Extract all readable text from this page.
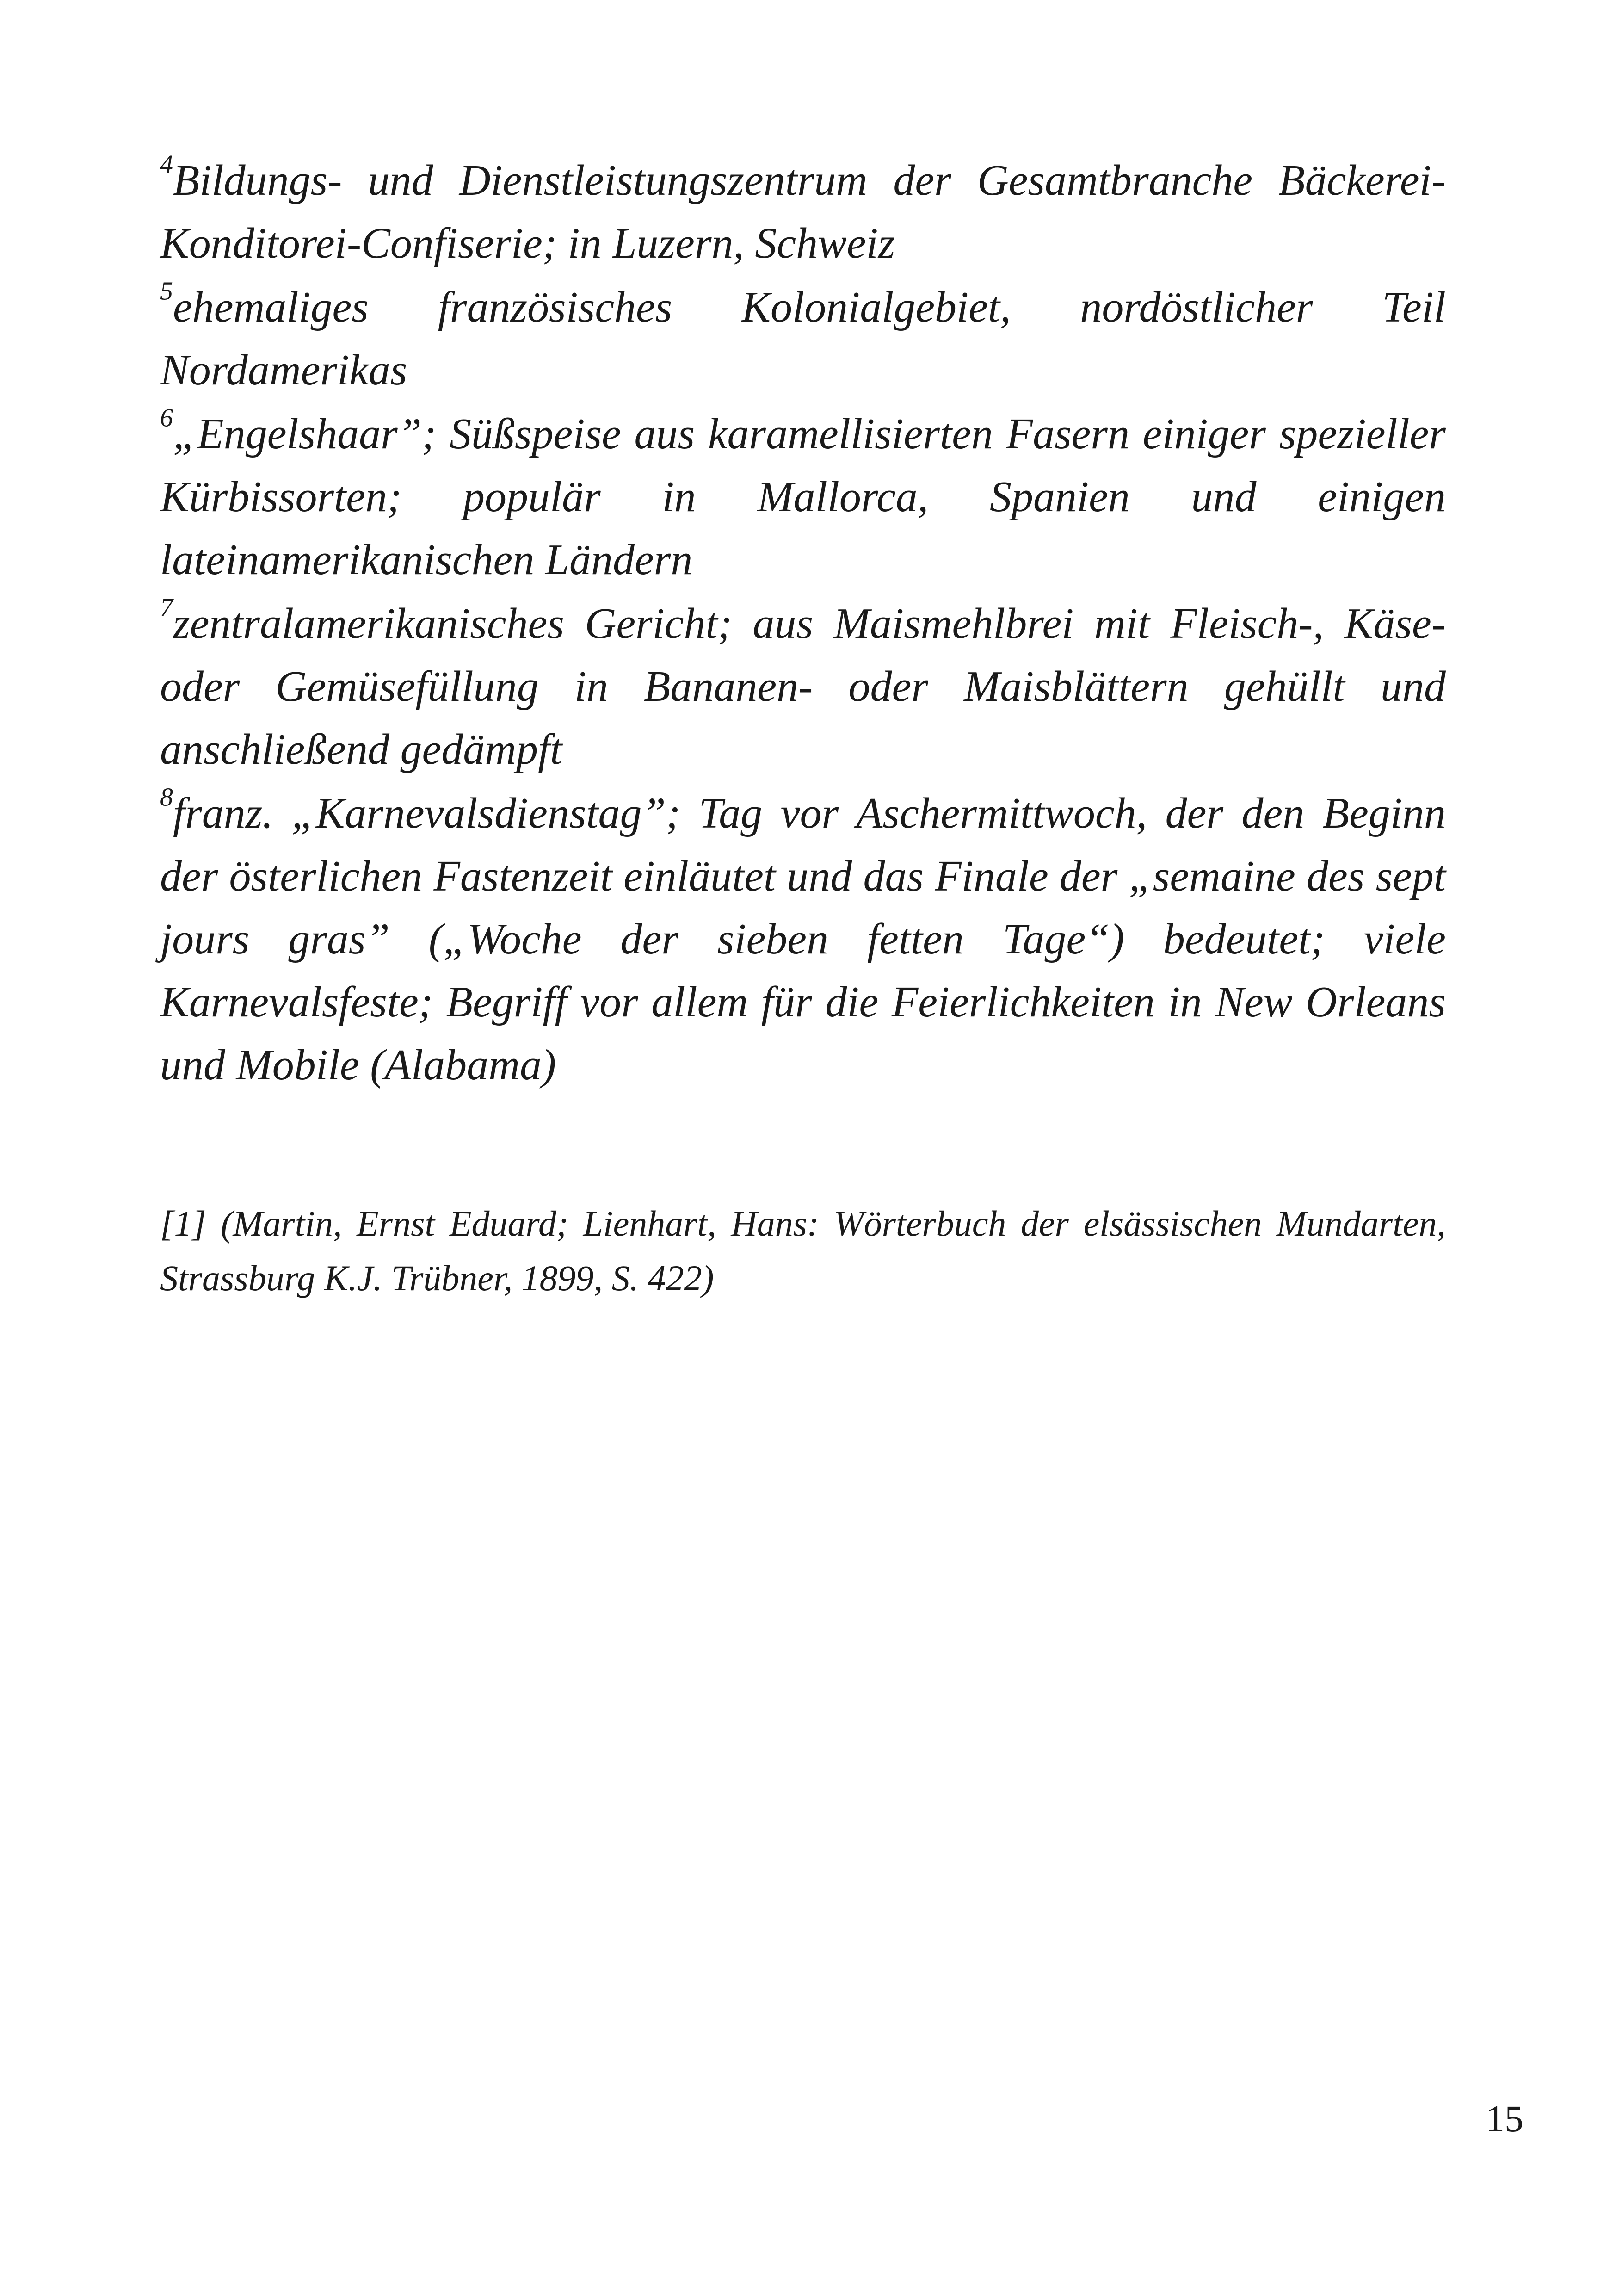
$^4$Bildungs- und Dienstleistungszentrum der Gesamtbranche Bäckerei-Konditorei-Confiserie; in Luzern, Schweiz

$^5$ehemaliges französisches Kolonialgebiet, nordöstlicher Teil Nordamerikas

$^6$„Engelshaar”; Süßspeise aus karamellisierten Fasern einiger spezieller Kürbissorten; populär in Mallorca, Spanien und einigen lateinamerikanischen Ländern

$^7$zentralamerikanisches Gericht; aus Maismehlbrei mit Fleisch-, Käse- oder Gemüsefüllung in Bananen- oder Maisblättern gehüllt und anschließend gedämpft

$^8$franz. „Karnevalsdienstag”; Tag vor Aschermittwoch, der den Beginn der österlichen Fastenzeit einläutet und das Finale der „semaine des sept jours gras” („Woche der sieben fetten Tage“) bedeutet; viele Karnevalsfeste; Begriff vor allem für die Feierlichkeiten in New Orleans und Mobile (Alabama)

[1] (Martin, Ernst Eduard; Lienhart, Hans: Wörterbuch der elsässischen Mundarten, Strassburg K.J. Trübner, 1899, S. 422)

15
